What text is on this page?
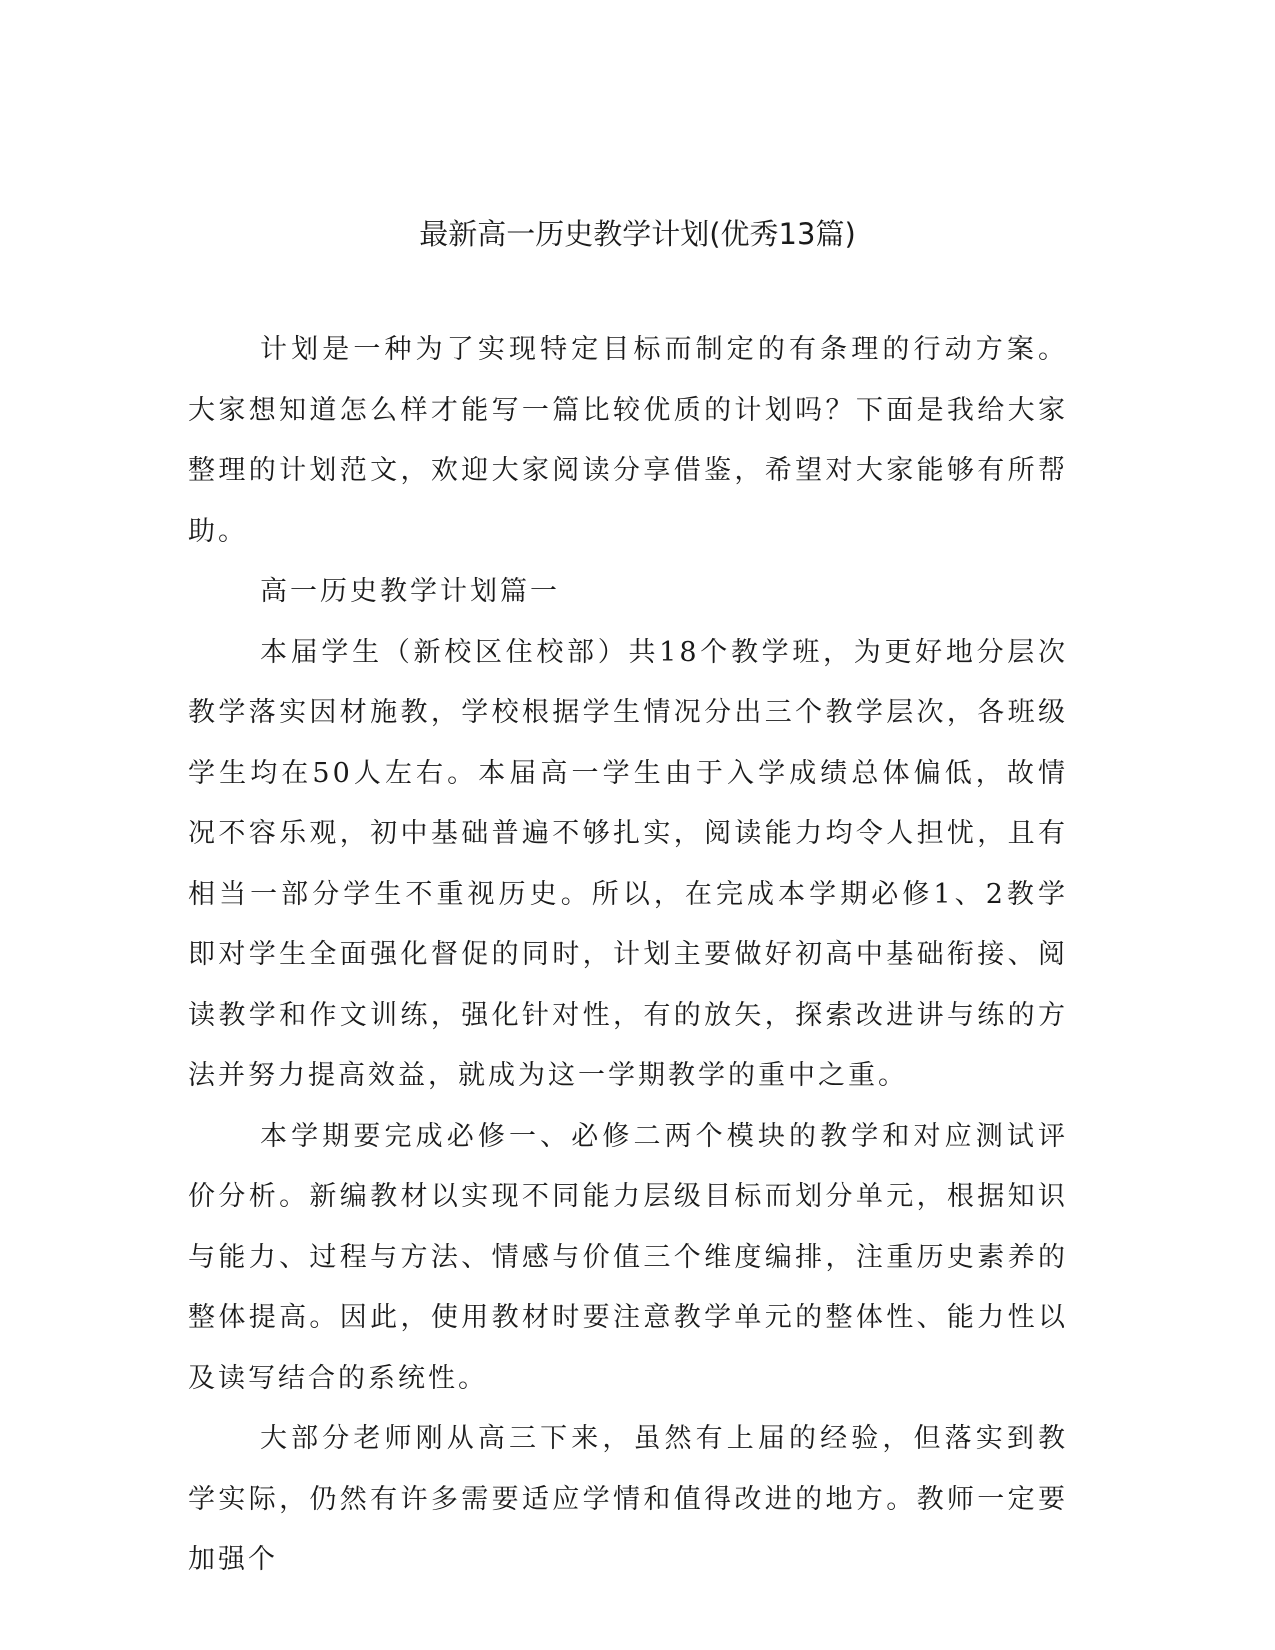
最新高一历史教学计划(优秀13篇)

计划是一种为了实现特定目标而制定的有条理的行动方案。大家想知道怎么样才能写一篇比较优质的计划吗？下面是我给大家整理的计划范文，欢迎大家阅读分享借鉴，希望对大家能够有所帮助。

高一历史教学计划篇一

本届学生（新校区住校部）共18个教学班，为更好地分层次教学落实因材施教，学校根据学生情况分出三个教学层次，各班级学生均在50人左右。本届高一学生由于入学成绩总体偏低，故情况不容乐观，初中基础普遍不够扎实，阅读能力均令人担忧，且有相当一部分学生不重视历史。所以，在完成本学期必修1、2教学即对学生全面强化督促的同时，计划主要做好初高中基础衔接、阅读教学和作文训练，强化针对性，有的放矢，探索改进讲与练的方法并努力提高效益，就成为这一学期教学的重中之重。

本学期要完成必修一、必修二两个模块的教学和对应测试评价分析。新编教材以实现不同能力层级目标而划分单元，根据知识与能力、过程与方法、情感与价值三个维度编排，注重历史素养的整体提高。因此，使用教材时要注意教学单元的整体性、能力性以及读写结合的系统性。

大部分老师刚从高三下来，虽然有上届的经验，但落实到教学实际，仍然有许多需要适应学情和值得改进的地方。教师一定要加强个
